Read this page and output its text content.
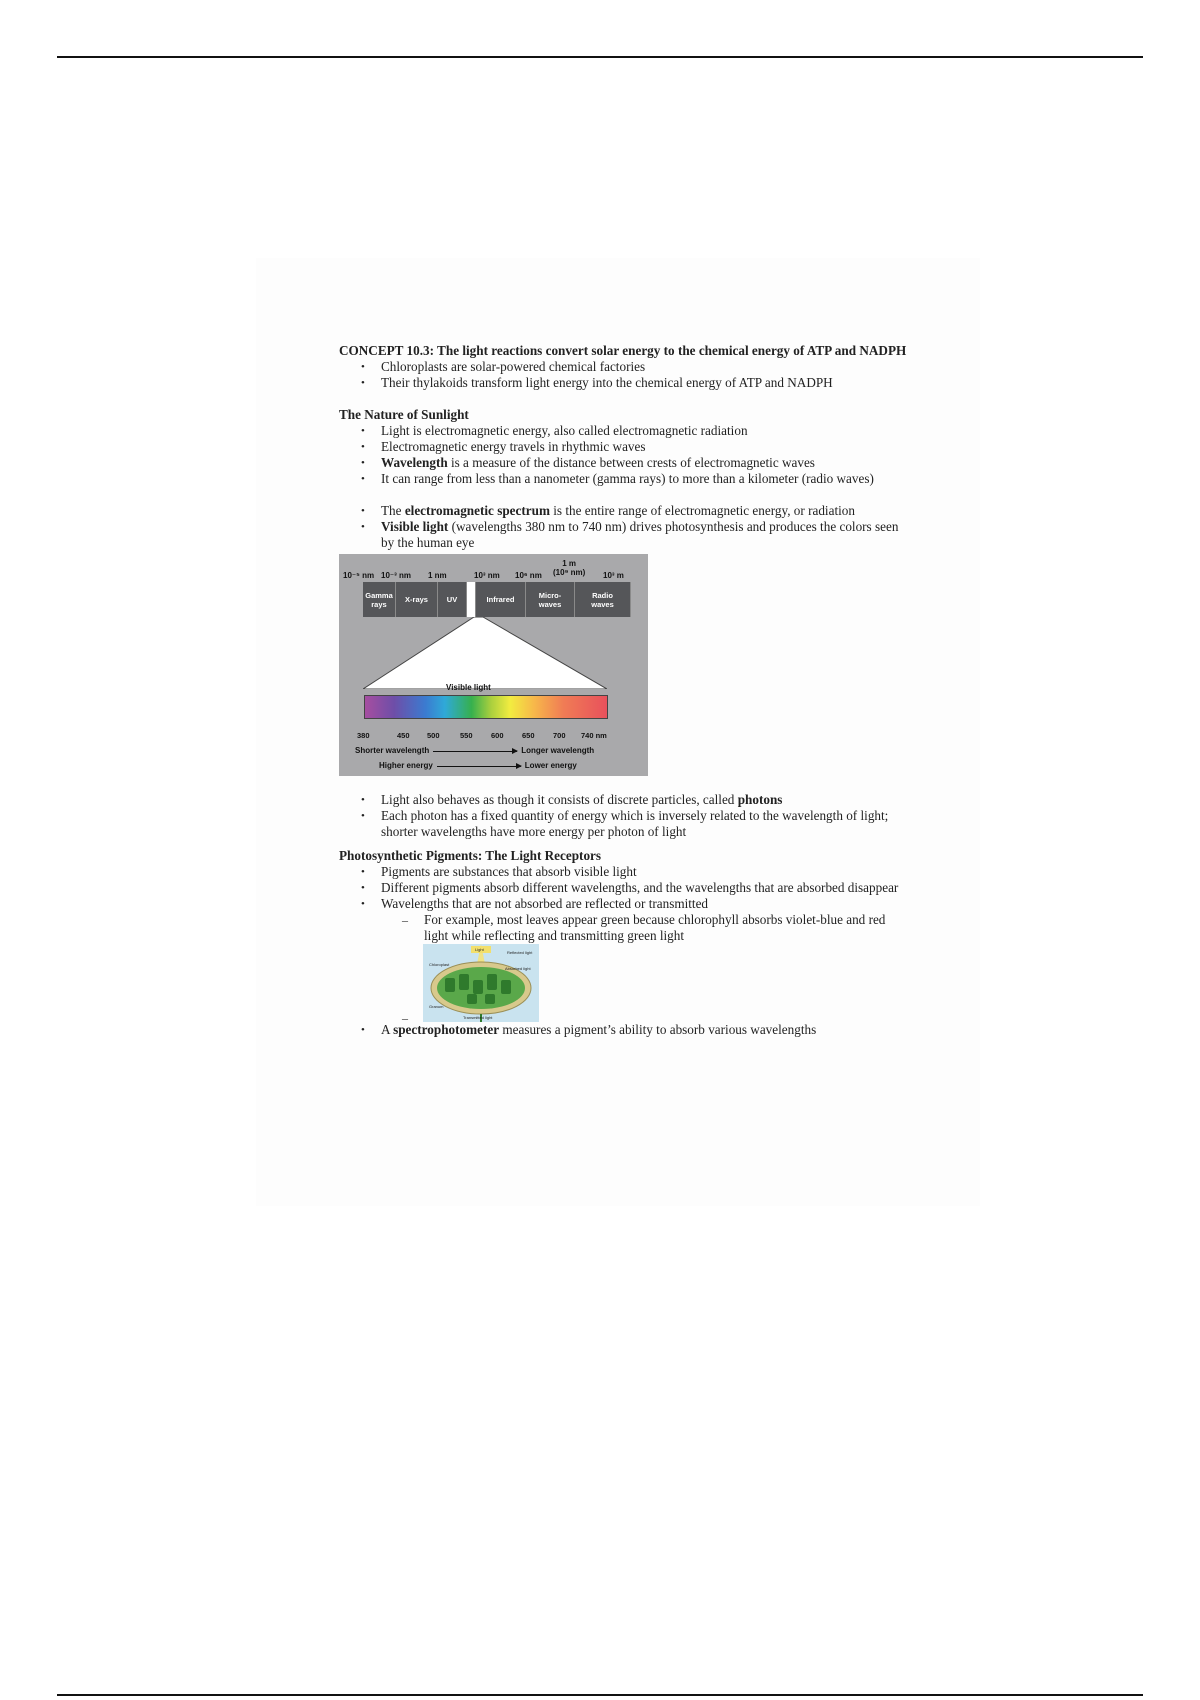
CONCEPT 10.3: The light reactions convert solar energy to the chemical energy of ATP and NADPH
• Chloroplasts are solar-powered chemical factories
• Their thylakoids transform light energy into the chemical energy of ATP and NADPH
The Nature of Sunlight
• Light is electromagnetic energy, also called electromagnetic radiation
• Electromagnetic energy travels in rhythmic waves
• Wavelength is a measure of the distance between crests of electromagnetic waves
• It can range from less than a nanometer (gamma rays) to more than a kilometer (radio waves)
• The electromagnetic spectrum is the entire range of electromagnetic energy, or radiation
• Visible light (wavelengths 380 nm to 740 nm) drives photosynthesis and produces the colors seen by the human eye
10⁻⁵ nm 10⁻³ nm 1 nm	10³ nm 10⁶ nm
1 m
(10⁹ nm) 10³ m
Gamma
rays	X-rays	UV	Infrared	Micro-
waves
Radio
waves
Visible light
380	450 500	550 600 650 700 740 nm
Shorter wavelength	Longer wavelength
Higher energy	Lower energy
• Light also behaves as though it consists of discrete particles, called photons
• Each photon has a fixed quantity of energy which is inversely related to the wavelength of light; shorter wavelengths have more energy per photon of light
Photosynthetic Pigments: The Light Receptors
• Pigments are substances that absorb visible light
• Different pigments absorb different wavelengths, and the wavelengths that are absorbed disappear
• Wavelengths that are not absorbed are reflected or transmitted
– For example, most leaves appear green because chlorophyll absorbs violet-blue and red light while reflecting and transmitting green light
–
Light
Reflected light
Chloroplast
Absorbed light
Granum
Transmitted light
• A spectrophotometer measures a pigment’s ability to absorb various wavelengths
